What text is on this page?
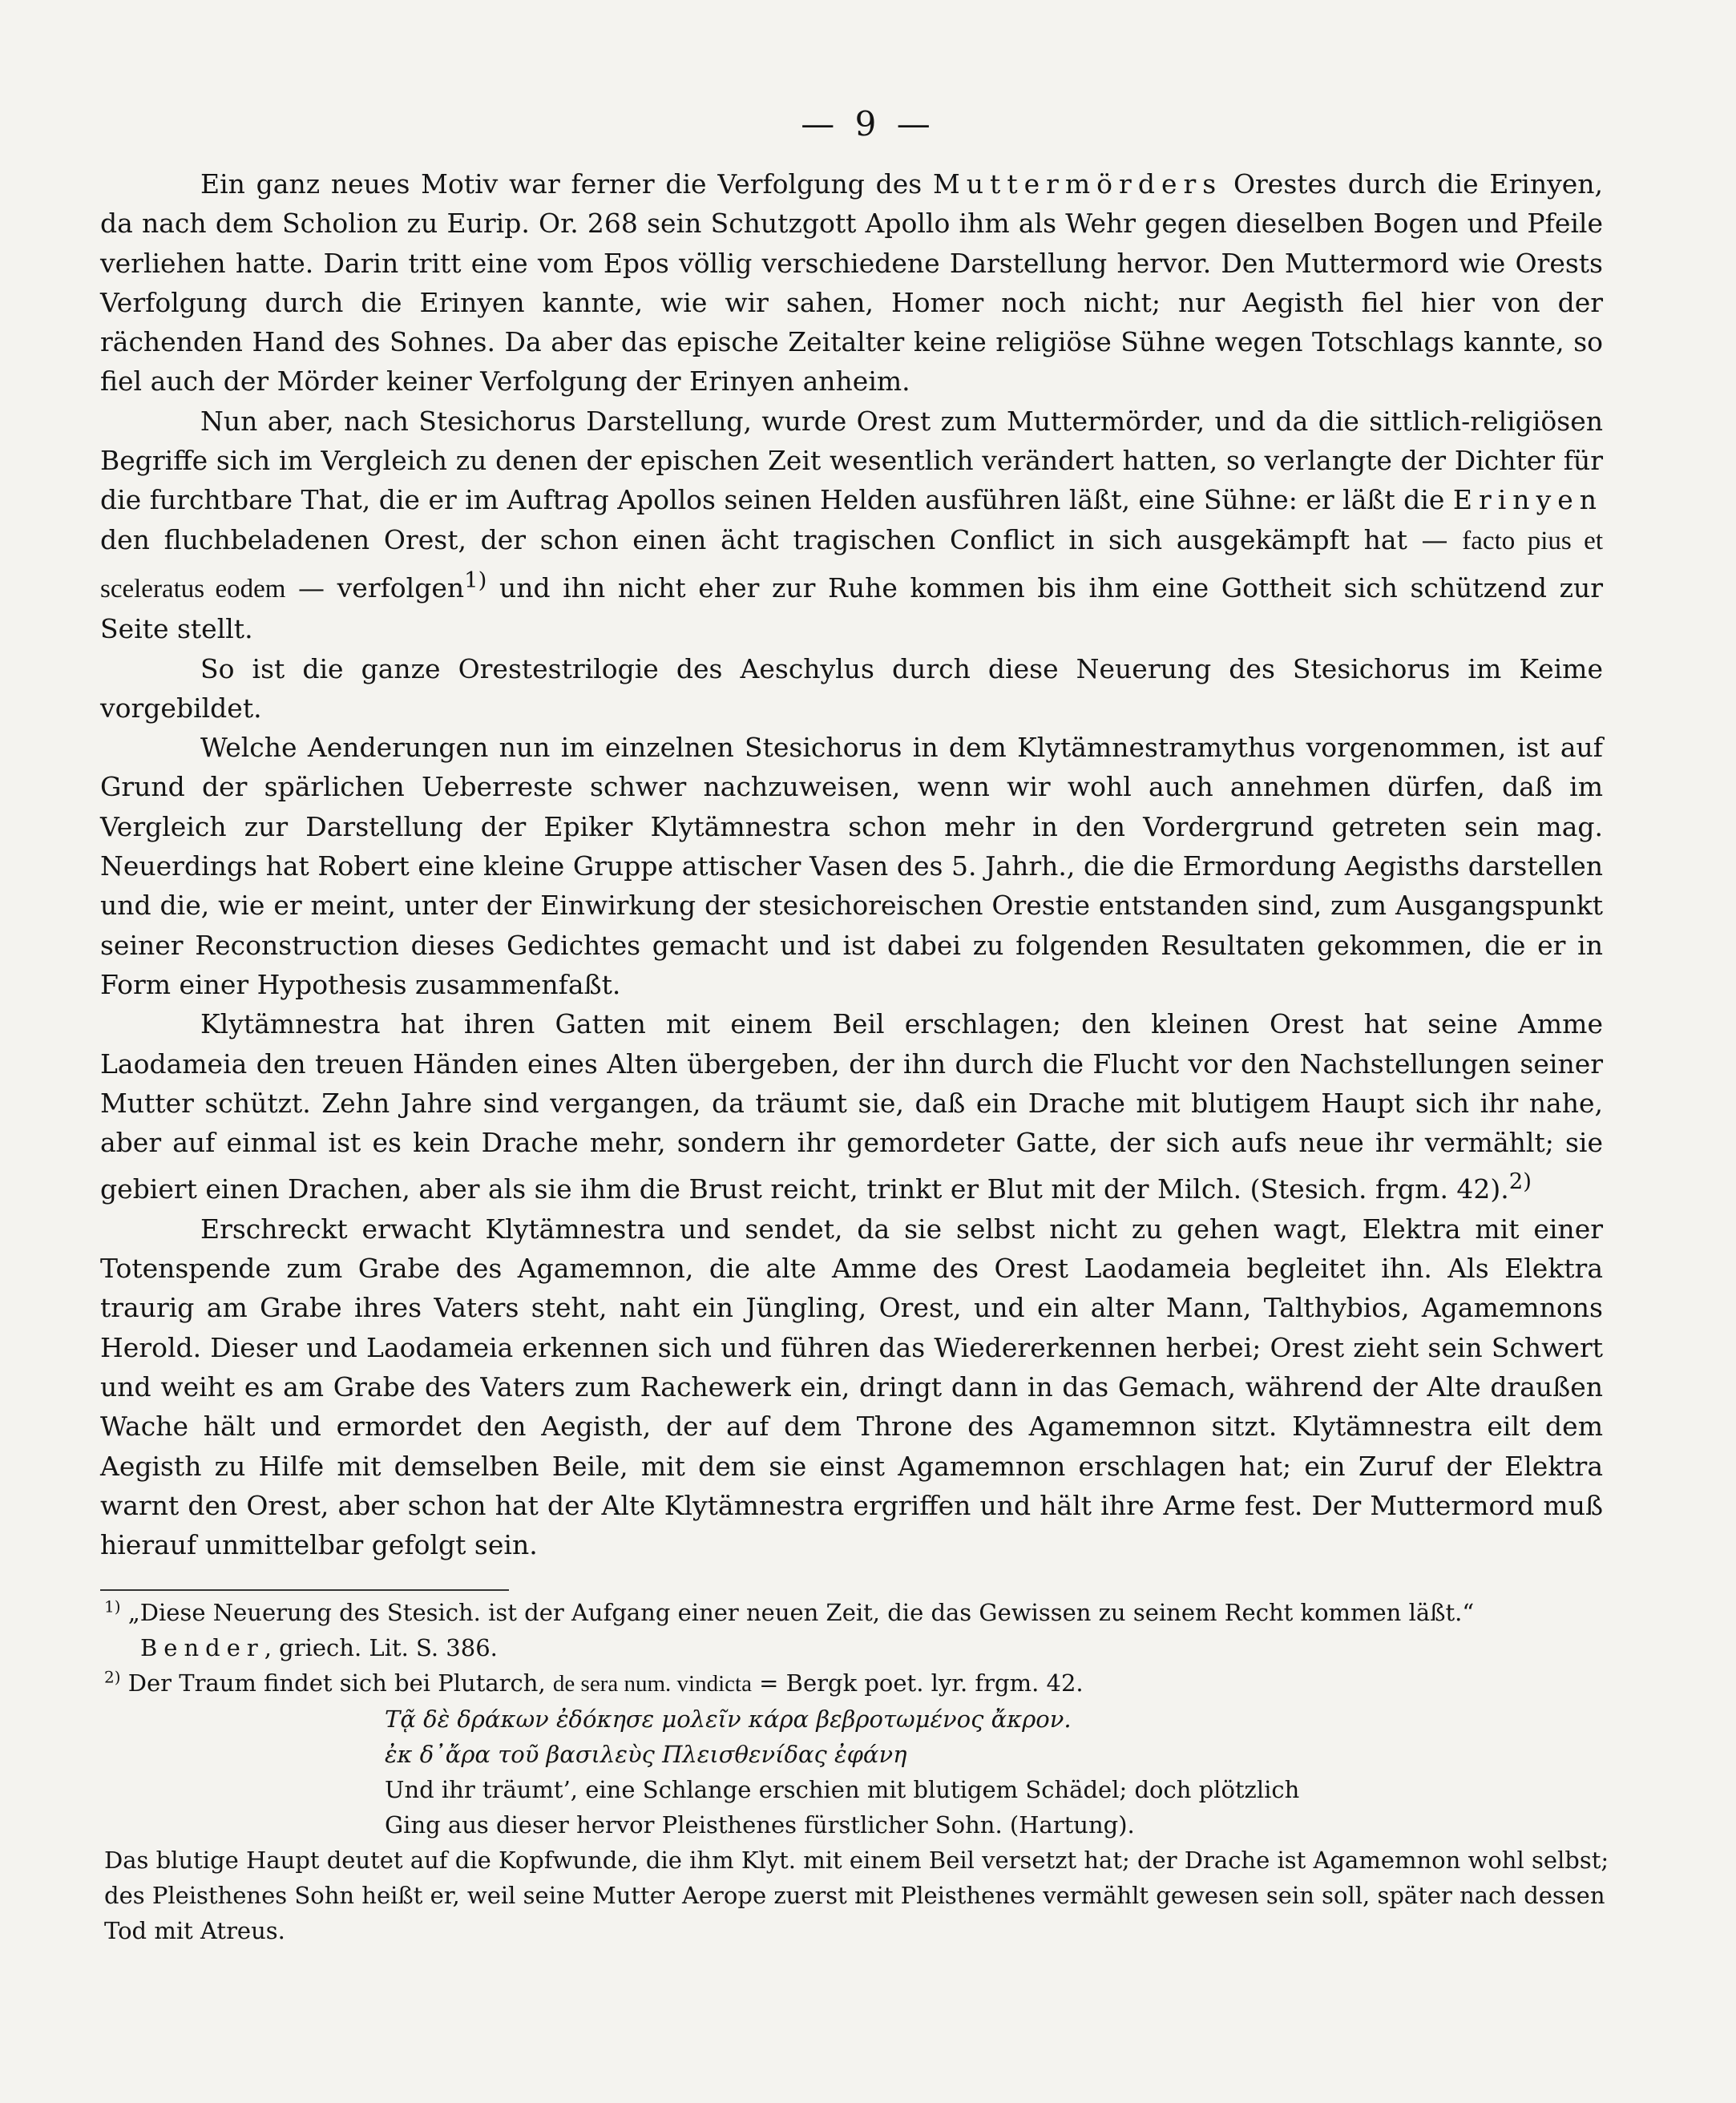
— 9 —

Ein ganz neues Motiv war ferner die Verfolgung des Muttermörders Orestes durch die Erinyen, da nach dem Scholion zu Eurip. Or. 268 sein Schutzgott Apollo ihm als Wehr gegen dieselben Bogen und Pfeile verliehen hatte. Darin tritt eine vom Epos völlig verschiedene Darstellung hervor. Den Muttermord wie Orests Verfolgung durch die Erinyen kannte, wie wir sahen, Homer noch nicht; nur Aegisth fiel hier von der rächenden Hand des Sohnes. Da aber das epische Zeitalter keine religiöse Sühne wegen Totschlags kannte, so fiel auch der Mörder keiner Verfolgung der Erinyen anheim.

Nun aber, nach Stesichorus Darstellung, wurde Orest zum Muttermörder, und da die sittlich-religiösen Begriffe sich im Vergleich zu denen der epischen Zeit wesentlich verändert hatten, so verlangte der Dichter für die furchtbare That, die er im Auftrag Apollos seinen Helden ausführen läßt, eine Sühne: er läßt die Erinyen den fluchbeladenen Orest, der schon einen ächt tragischen Conflict in sich ausgekämpft hat — facto pius et sceleratus eodem — verfolgen$^{1)}$ und ihn nicht eher zur Ruhe kommen bis ihm eine Gottheit sich schützend zur Seite stellt.

So ist die ganze Orestestrilogie des Aeschylus durch diese Neuerung des Stesichorus im Keime vorgebildet.

Welche Aenderungen nun im einzelnen Stesichorus in dem Klytämnestramythus vorgenommen, ist auf Grund der spärlichen Ueberreste schwer nachzuweisen, wenn wir wohl auch annehmen dürfen, daß im Vergleich zur Darstellung der Epiker Klytämnestra schon mehr in den Vordergrund getreten sein mag. Neuerdings hat Robert eine kleine Gruppe attischer Vasen des 5. Jahrh., die die Ermordung Aegisths darstellen und die, wie er meint, unter der Einwirkung der stesichoreischen Orestie entstanden sind, zum Ausgangspunkt seiner Reconstruction dieses Gedichtes gemacht und ist dabei zu folgenden Resultaten gekommen, die er in Form einer Hypothesis zusammenfaßt.

Klytämnestra hat ihren Gatten mit einem Beil erschlagen; den kleinen Orest hat seine Amme Laodameia den treuen Händen eines Alten übergeben, der ihn durch die Flucht vor den Nachstellungen seiner Mutter schützt. Zehn Jahre sind vergangen, da träumt sie, daß ein Drache mit blutigem Haupt sich ihr nahe, aber auf einmal ist es kein Drache mehr, sondern ihr gemordeter Gatte, der sich aufs neue ihr vermählt; sie gebiert einen Drachen, aber als sie ihm die Brust reicht, trinkt er Blut mit der Milch. (Stesich. frgm. 42).$^{2)}$

Erschreckt erwacht Klytämnestra und sendet, da sie selbst nicht zu gehen wagt, Elektra mit einer Totenspende zum Grabe des Agamemnon, die alte Amme des Orest Laodameia begleitet ihn. Als Elektra traurig am Grabe ihres Vaters steht, naht ein Jüngling, Orest, und ein alter Mann, Talthybios, Agamemnons Herold. Dieser und Laodameia erkennen sich und führen das Wiedererkennen herbei; Orest zieht sein Schwert und weiht es am Grabe des Vaters zum Rachewerk ein, dringt dann in das Gemach, während der Alte draußen Wache hält und ermordet den Aegisth, der auf dem Throne des Agamemnon sitzt. Klytämnestra eilt dem Aegisth zu Hilfe mit demselben Beile, mit dem sie einst Agamemnon erschlagen hat; ein Zuruf der Elektra warnt den Orest, aber schon hat der Alte Klytämnestra ergriffen und hält ihre Arme fest. Der Muttermord muß hierauf unmittelbar gefolgt sein.

$^{1)}$ „Diese Neuerung des Stesich. ist der Aufgang einer neuen Zeit, die das Gewissen zu seinem Recht kommen läßt.“

Bender, griech. Lit. S. 386.

$^{2)}$ Der Traum findet sich bei Plutarch, de sera num. vindicta = Bergk poet. lyr. frgm. 42.

Τᾷ δὲ δράκων ἐδόκησε μολεῖν κάρα βεβροτωμένος ἄκρον.

ἐκ δ᾽ἄρα τοῦ βασιλεὺς Πλεισθενίδας ἐφάνη

Und ihr träumt’, eine Schlange erschien mit blutigem Schädel; doch plötzlich

Ging aus dieser hervor Pleisthenes fürstlicher Sohn. (Hartung).

Das blutige Haupt deutet auf die Kopfwunde, die ihm Klyt. mit einem Beil versetzt hat; der Drache ist Agamemnon wohl selbst; des Pleisthenes Sohn heißt er, weil seine Mutter Aerope zuerst mit Pleisthenes vermählt gewesen sein soll, später nach dessen Tod mit Atreus.
